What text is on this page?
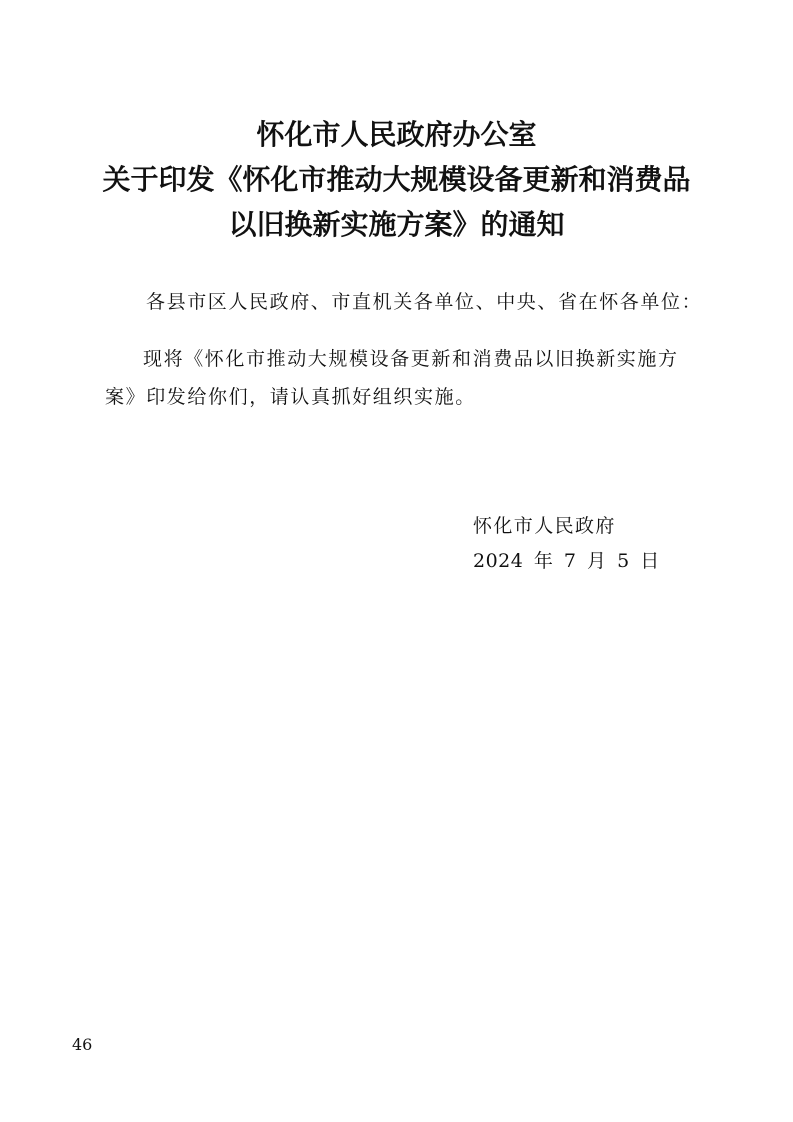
怀化市人民政府办公室
关于印发《怀化市推动大规模设备更新和消费品
以旧换新实施方案》的通知
各县市区人民政府、市直机关各单位、中央、省在怀各单位：
现将《怀化市推动大规模设备更新和消费品以旧换新实施方案》印发给你们，请认真抓好组织实施。
怀化市人民政府
2024 年 7 月 5 日
46
